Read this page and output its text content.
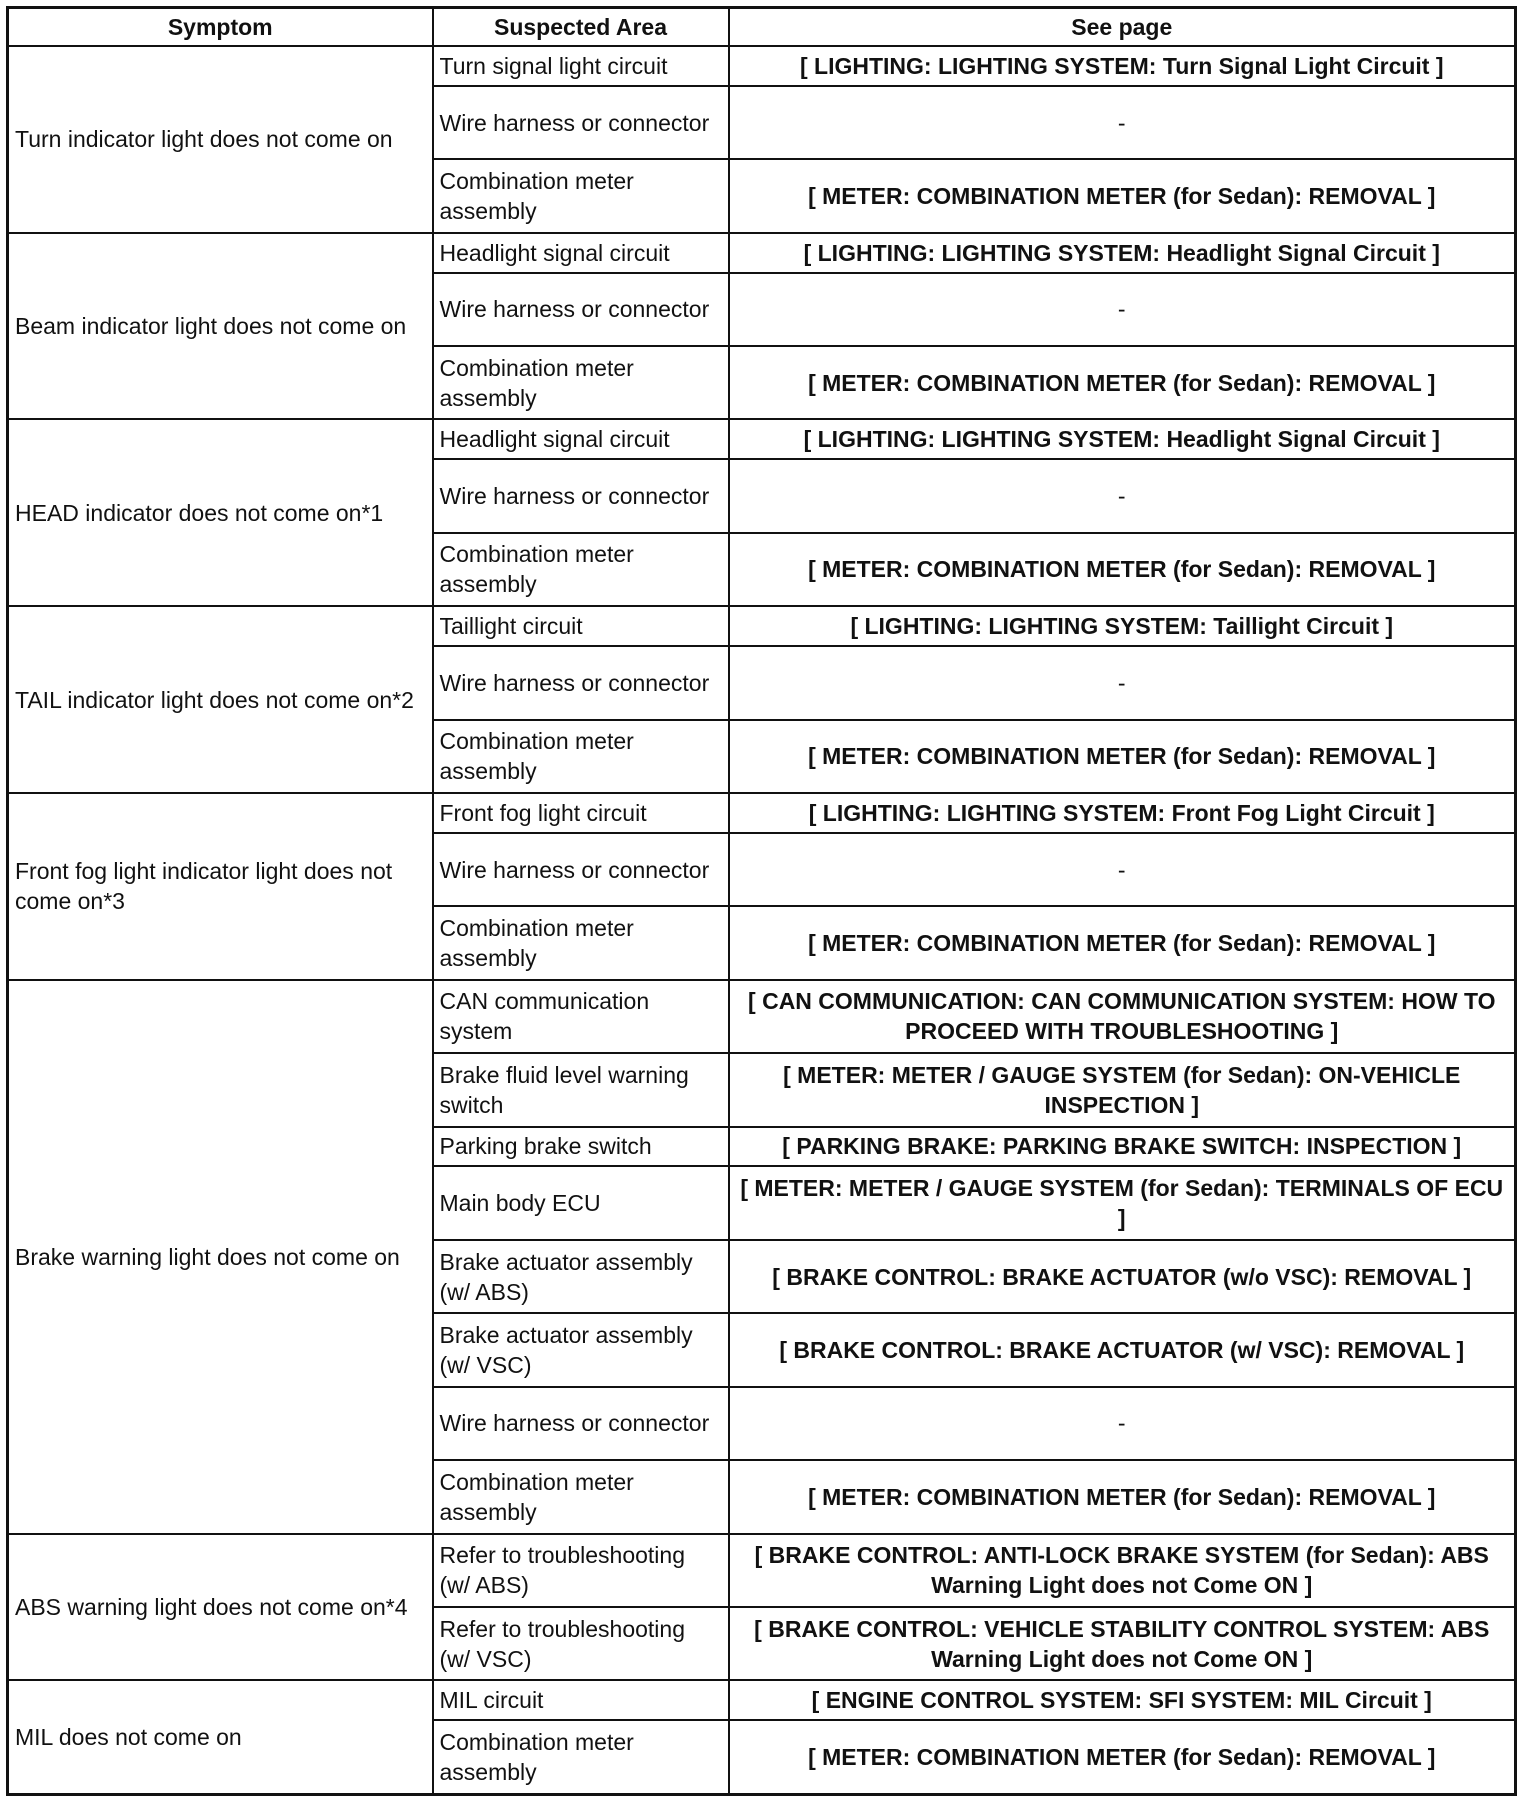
Symptom	Suspected Area	See page
Turn indicator light does not come on	Turn signal light circuit	[ LIGHTING: LIGHTING SYSTEM: Turn Signal Light Circuit ]
	Wire harness or connector	-
	Combination meter assembly	[ METER: COMBINATION METER (for Sedan): REMOVAL ]
Beam indicator light does not come on	Headlight signal circuit	[ LIGHTING: LIGHTING SYSTEM: Headlight Signal Circuit ]
	Wire harness or connector	-
	Combination meter assembly	[ METER: COMBINATION METER (for Sedan): REMOVAL ]
HEAD indicator does not come on*1	Headlight signal circuit	[ LIGHTING: LIGHTING SYSTEM: Headlight Signal Circuit ]
	Wire harness or connector	-
	Combination meter assembly	[ METER: COMBINATION METER (for Sedan): REMOVAL ]
TAIL indicator light does not come on*2	Taillight circuit	[ LIGHTING: LIGHTING SYSTEM: Taillight Circuit ]
	Wire harness or connector	-
	Combination meter assembly	[ METER: COMBINATION METER (for Sedan): REMOVAL ]
Front fog light indicator light does not come on*3	Front fog light circuit	[ LIGHTING: LIGHTING SYSTEM: Front Fog Light Circuit ]
	Wire harness or connector	-
	Combination meter assembly	[ METER: COMBINATION METER (for Sedan): REMOVAL ]
Brake warning light does not come on	CAN communication system	[ CAN COMMUNICATION: CAN COMMUNICATION SYSTEM: HOW TO PROCEED WITH TROUBLESHOOTING ]
	Brake fluid level warning switch	[ METER: METER / GAUGE SYSTEM (for Sedan): ON-VEHICLE INSPECTION ]
	Parking brake switch	[ PARKING BRAKE: PARKING BRAKE SWITCH: INSPECTION ]
	Main body ECU	[ METER: METER / GAUGE SYSTEM (for Sedan): TERMINALS OF ECU ]
	Brake actuator assembly (w/ ABS)	[ BRAKE CONTROL: BRAKE ACTUATOR (w/o VSC): REMOVAL ]
	Brake actuator assembly (w/ VSC)	[ BRAKE CONTROL: BRAKE ACTUATOR (w/ VSC): REMOVAL ]
	Wire harness or connector	-
	Combination meter assembly	[ METER: COMBINATION METER (for Sedan): REMOVAL ]
ABS warning light does not come on*4	Refer to troubleshooting (w/ ABS)	[ BRAKE CONTROL: ANTI-LOCK BRAKE SYSTEM (for Sedan): ABS Warning Light does not Come ON ]
	Refer to troubleshooting (w/ VSC)	[ BRAKE CONTROL: VEHICLE STABILITY CONTROL SYSTEM: ABS Warning Light does not Come ON ]
MIL does not come on	MIL circuit	[ ENGINE CONTROL SYSTEM: SFI SYSTEM: MIL Circuit ]
	Combination meter assembly	[ METER: COMBINATION METER (for Sedan): REMOVAL ]
